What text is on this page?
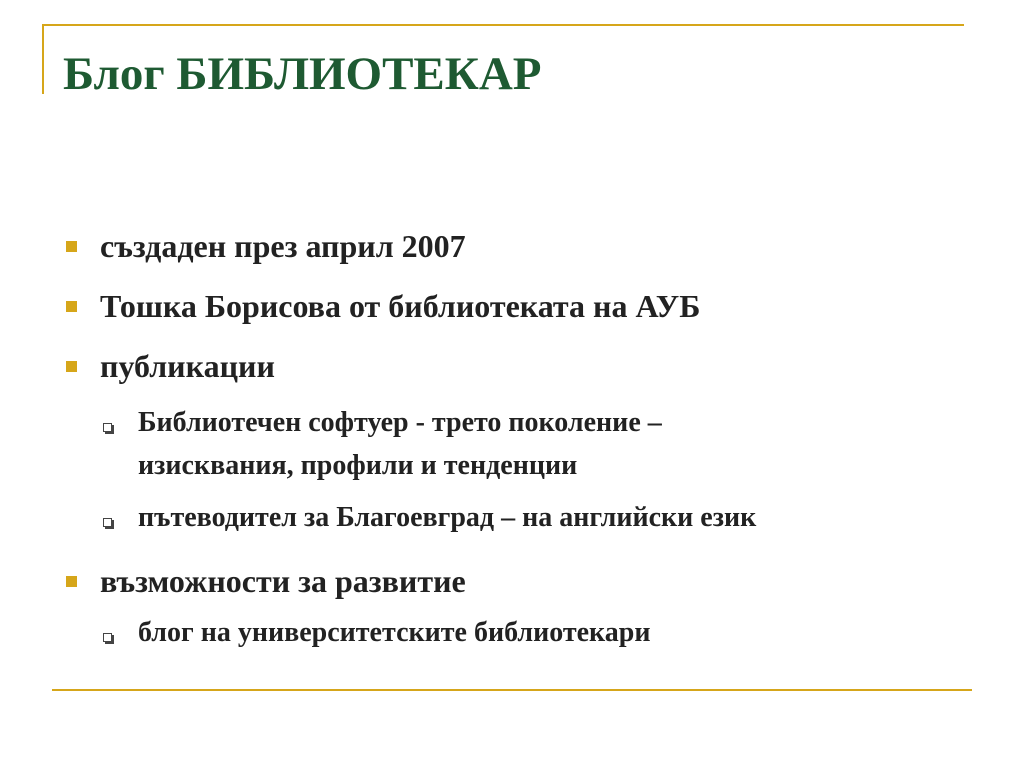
Блог БИБЛИОТЕКАР
създаден през април 2007
Тошка Борисова от библиотеката на АУБ
публикации
Библиотечен софтуер - трето поколение –
изисквания, профили и тенденции
пътеводител за Благоевград – на английски език
възможности за развитие
блог на университетските библиотекари
